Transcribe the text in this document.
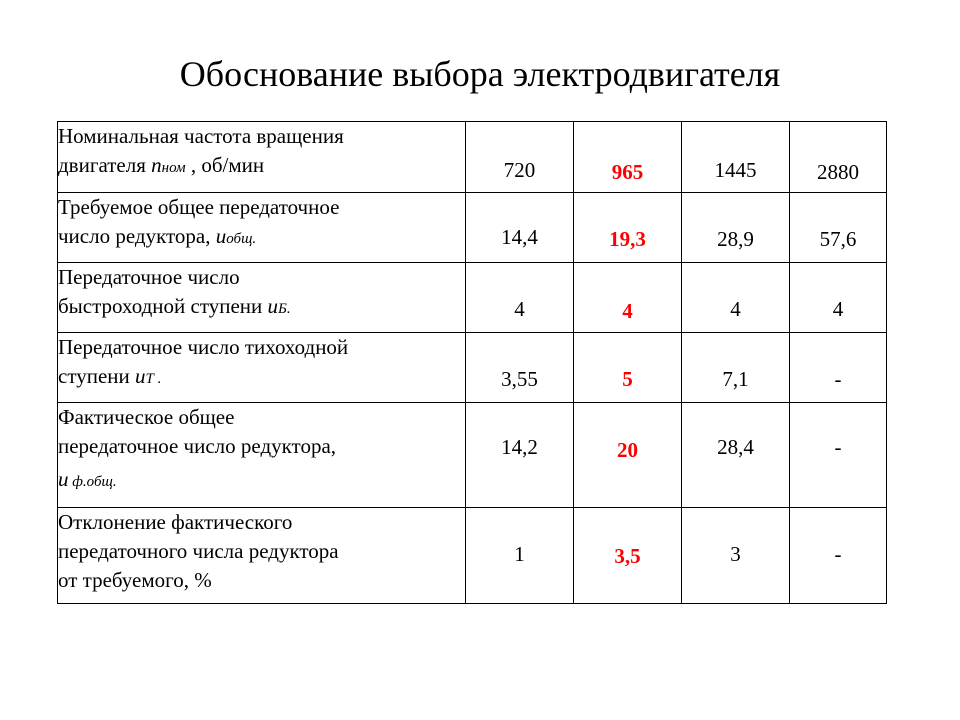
Обоснование выбора электродвигателя
Номинальная частота вращения
двигателя nном , об/мин	720	965	1445	2880

Требуемое общее передаточное
число редуктора, uобщ.	14,4	19,3	28,9	57,6

Передаточное число
быстроходной ступени uБ.	4	4	4	4

Передаточное число тихоходной
ступени uТ .	3,55	5	7,1	-

Фактическое общее
передаточное число редуктора,
u ф.общ.	14,2	20	28,4	-

Отклонение фактического
передаточного числа редуктора
от требуемого, %	1	3,5	3	-
